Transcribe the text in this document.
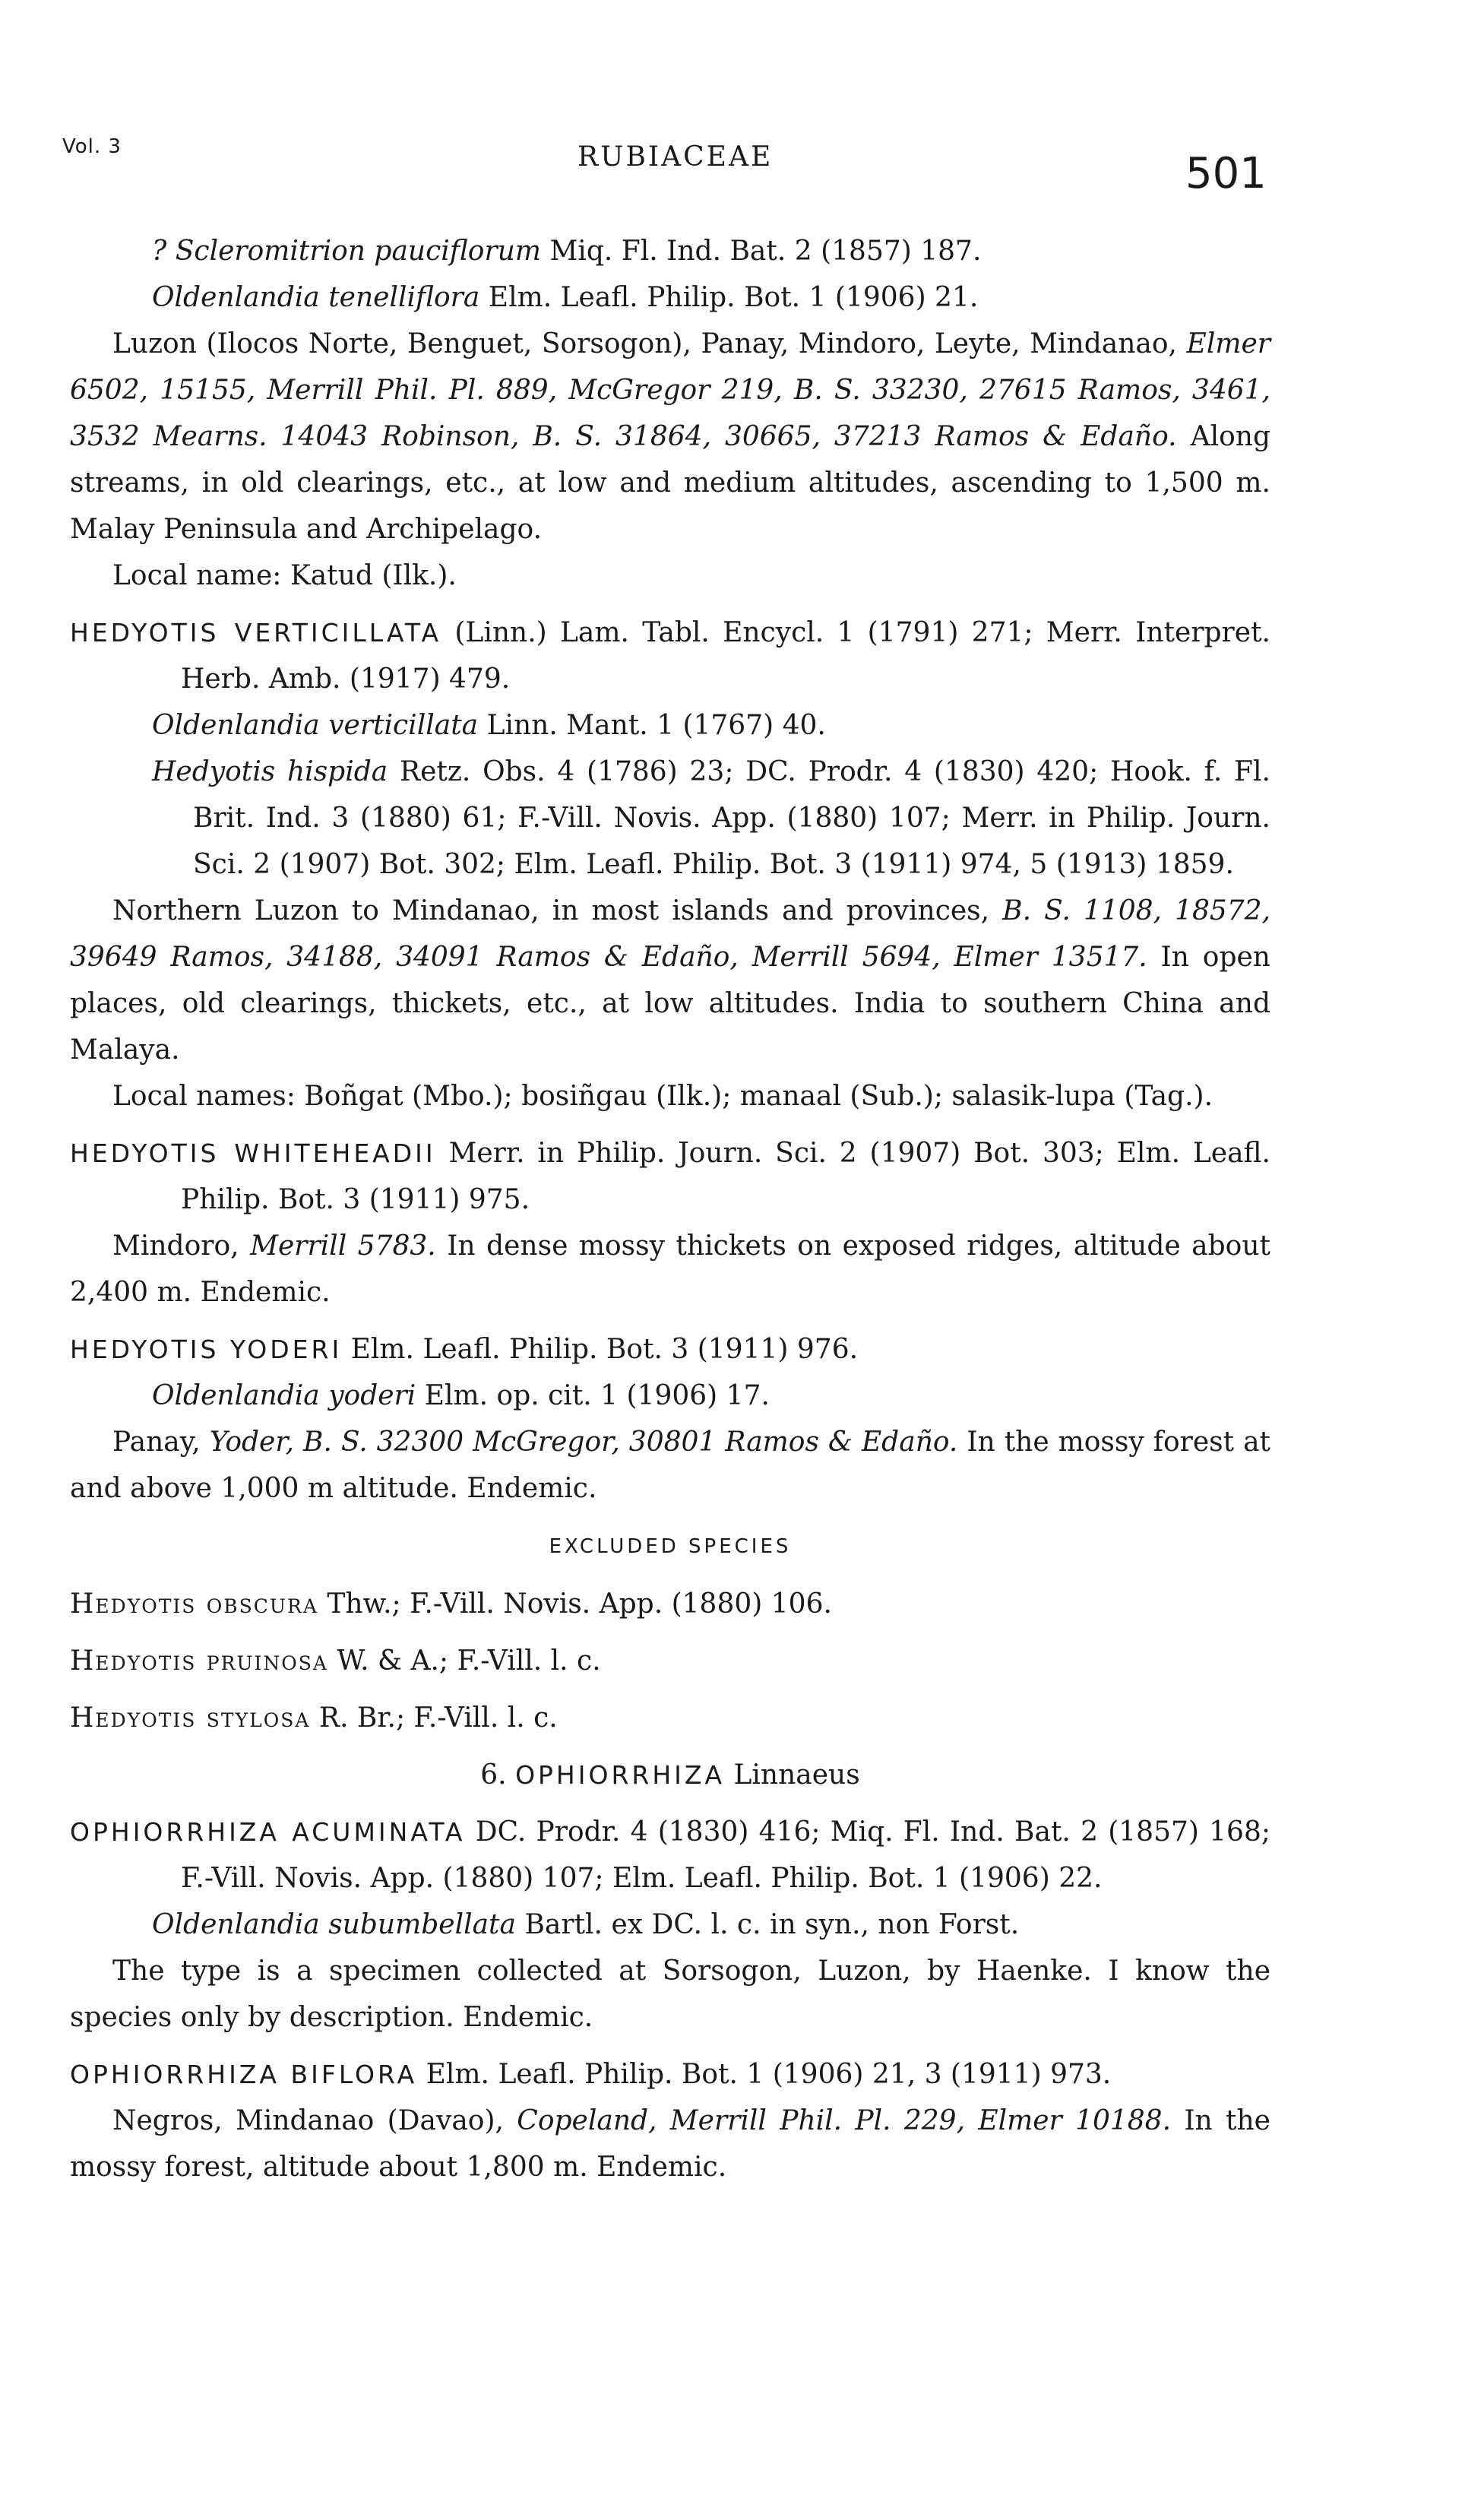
Vol. 3	RUBIACEAE	501

? Scleromitrion pauciflorum Miq. Fl. Ind. Bat. 2 (1857) 187.

Oldenlandia tenelliflora Elm. Leafl. Philip. Bot. 1 (1906) 21.

Luzon (Ilocos Norte, Benguet, Sorsogon), Panay, Mindoro, Leyte, Mindanao, Elmer 6502, 15155, Merrill Phil. Pl. 889, McGregor 219, B. S. 33230, 27615 Ramos, 3461, 3532 Mearns. 14043 Robinson, B. S. 31864, 30665, 37213 Ramos & Edaño. Along streams, in old clearings, etc., at low and medium altitudes, ascending to 1,500 m. Malay Peninsula and Archipelago.

Local name: Katud (Ilk.).

HEDYOTIS VERTICILLATA (Linn.) Lam. Tabl. Encycl. 1 (1791) 271; Merr. Interpret. Herb. Amb. (1917) 479.

Oldenlandia verticillata Linn. Mant. 1 (1767) 40.

Hedyotis hispida Retz. Obs. 4 (1786) 23; DC. Prodr. 4 (1830) 420; Hook. f. Fl. Brit. Ind. 3 (1880) 61; F.-Vill. Novis. App. (1880) 107; Merr. in Philip. Journ. Sci. 2 (1907) Bot. 302; Elm. Leafl. Philip. Bot. 3 (1911) 974, 5 (1913) 1859.

Northern Luzon to Mindanao, in most islands and provinces, B. S. 1108, 18572, 39649 Ramos, 34188, 34091 Ramos & Edaño, Merrill 5694, Elmer 13517. In open places, old clearings, thickets, etc., at low altitudes. India to southern China and Malaya.

Local names: Boñgat (Mbo.); bosiñgau (Ilk.); manaal (Sub.); salasik-lupa (Tag.).

HEDYOTIS WHITEHEADII Merr. in Philip. Journ. Sci. 2 (1907) Bot. 303; Elm. Leafl. Philip. Bot. 3 (1911) 975.

Mindoro, Merrill 5783. In dense mossy thickets on exposed ridges, altitude about 2,400 m. Endemic.

HEDYOTIS YODERI Elm. Leafl. Philip. Bot. 3 (1911) 976.

Oldenlandia yoderi Elm. op. cit. 1 (1906) 17.

Panay, Yoder, B. S. 32300 McGregor, 30801 Ramos & Edaño. In the mossy forest at and above 1,000 m altitude. Endemic.

EXCLUDED SPECIES

Hedyotis obscura Thw.; F.-Vill. Novis. App. (1880) 106.

Hedyotis pruinosa W. & A.; F.-Vill. l. c.

Hedyotis stylosa R. Br.; F.-Vill. l. c.

6. OPHIORRHIZA Linnaeus

OPHIORRHIZA ACUMINATA DC. Prodr. 4 (1830) 416; Miq. Fl. Ind. Bat. 2 (1857) 168; F.-Vill. Novis. App. (1880) 107; Elm. Leafl. Philip. Bot. 1 (1906) 22.

Oldenlandia subumbellata Bartl. ex DC. l. c. in syn., non Forst.

The type is a specimen collected at Sorsogon, Luzon, by Haenke. I know the species only by description. Endemic.

OPHIORRHIZA BIFLORA Elm. Leafl. Philip. Bot. 1 (1906) 21, 3 (1911) 973.

Negros, Mindanao (Davao), Copeland, Merrill Phil. Pl. 229, Elmer 10188. In the mossy forest, altitude about 1,800 m. Endemic.
